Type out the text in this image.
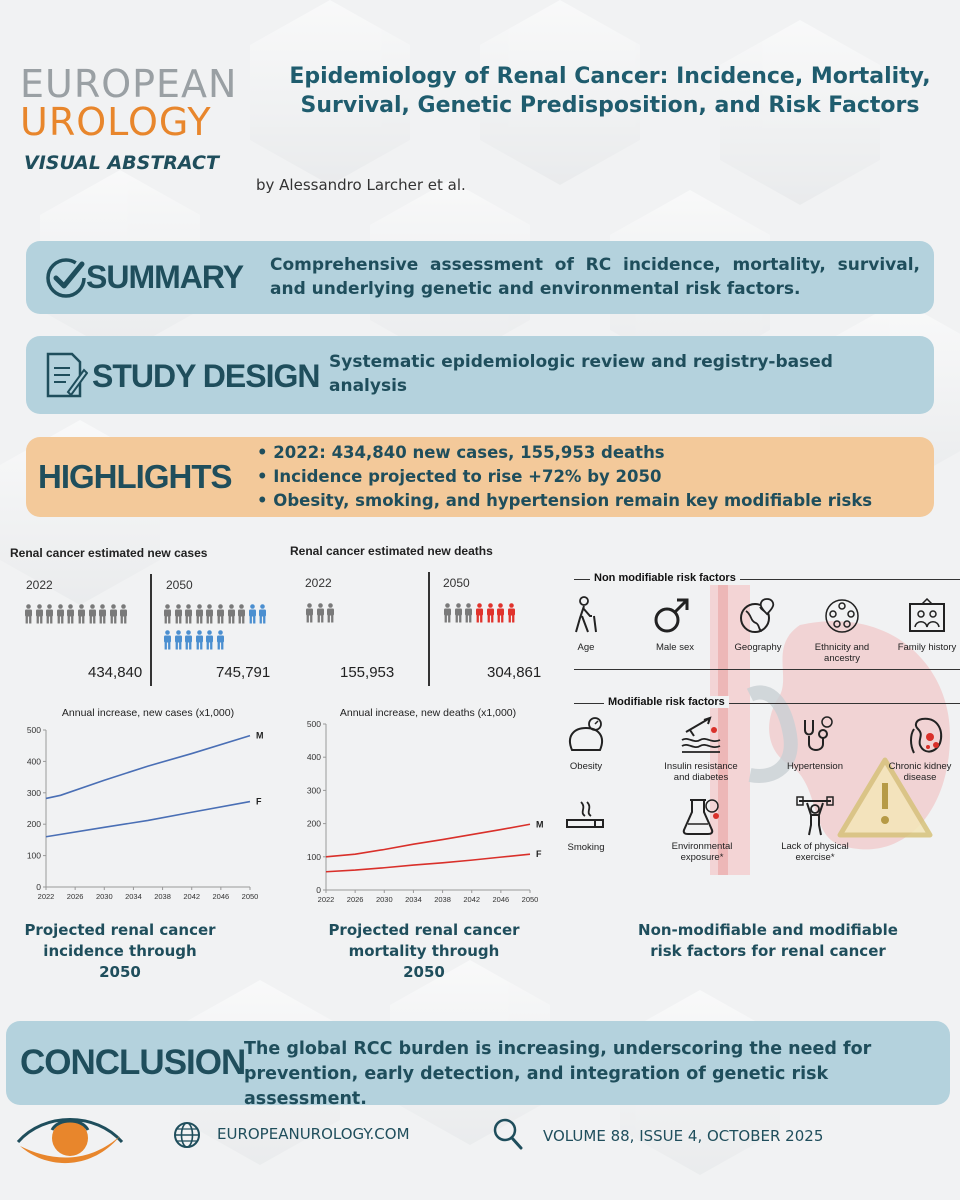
EUROPEAN
UROLOGY
VISUAL ABSTRACT
Epidemiology of Renal Cancer: Incidence, Mortality, Survival, Genetic Predisposition, and Risk Factors
by Alessandro Larcher et al.
SUMMARY Comprehensive assessment of RC incidence, mortality, survival, and underlying genetic and environmental risk factors.
STUDY DESIGN Systematic epidemiologic review and registry-based analysis
HIGHLIGHTS
• 2022: 434,840 new cases, 155,953 deaths
• Incidence projected to rise +72% by 2050
• Obesity, smoking, and hypertension remain key modifiable risks
Renal cancer estimated new cases
2022	2050
434,840	745,791
Renal cancer estimated new deaths
2022	2050
155,953	304,861
Annual increase, new cases (x1,000)
0
100
200
300
400
500
2022 2026 2030 2034 2038 2042 2046 2050
M
F
Annual increase, new deaths (x1,000)
0
100
200
300
400
500
2022 2026 2030 2034 2038 2042 2046 2050
M
F
Projected renal cancer incidence through 2050
Projected renal cancer mortality through 2050
Non-modifiable and modifiable risk factors for renal cancer
Non modifiable risk factors
Modifiable risk factors
Age	Male sex	Geography	Ethnicity and ancestry
Family history
Obesity	Insulin resistance and diabetes
Hypertension	Chronic kidney disease
Smoking	Environmental exposure*
Lack of physical exercise*
CONCLUSION
The global RCC burden is increasing, underscoring the need for prevention, early detection, and integration of genetic risk assessment.
EUROPEANUROLOGY.COM	VOLUME 88, ISSUE 4, OCTOBER 2025
